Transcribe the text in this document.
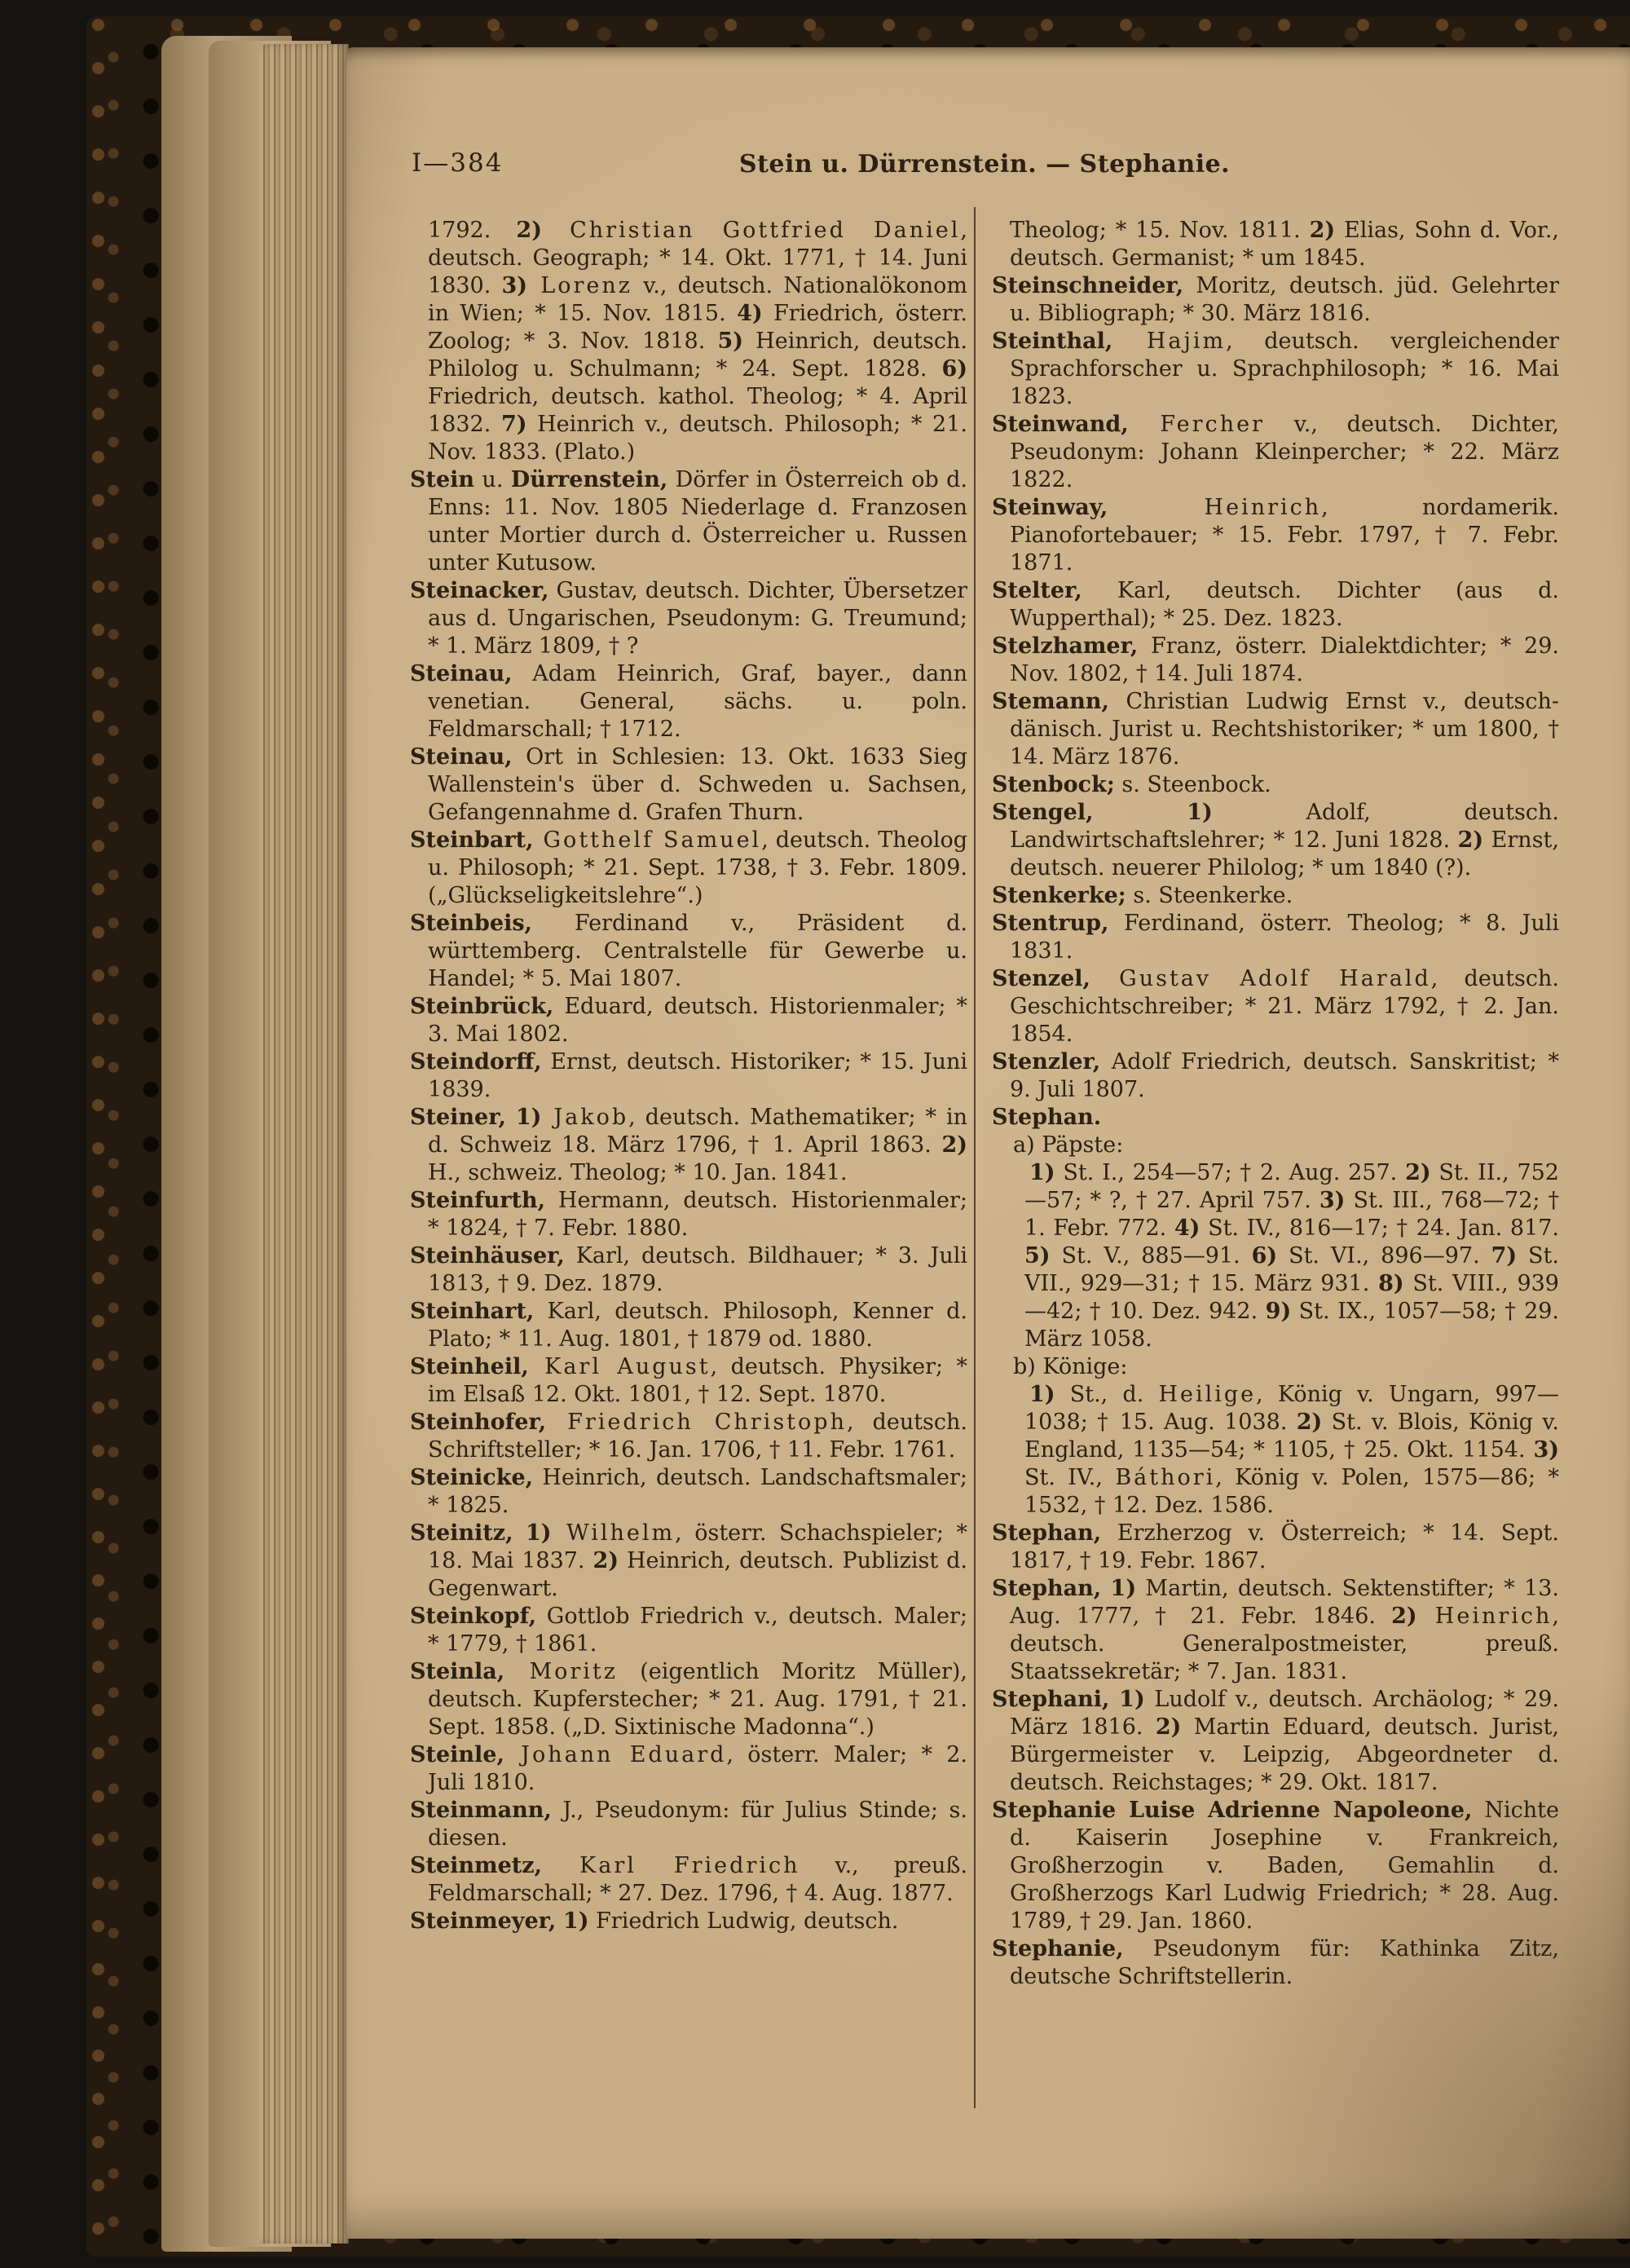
I—384	Stein u. Dürrenstein. — Stephanie.

1792. 2) Christian Gottfried Daniel, deutsch. Geograph; * 14. Okt. 1771, † 14. Juni 1830. 3) Lorenz v., deutsch. Nationalökonom in Wien; * 15. Nov. 1815. 4) Friedrich, österr. Zoolog; * 3. Nov. 1818. 5) Heinrich, deutsch. Philolog u. Schulmann; * 24. Sept. 1828. 6) Friedrich, deutsch. kathol. Theolog; * 4. April 1832. 7) Heinrich v., deutsch. Philosoph; * 21. Nov. 1833. (Plato.)

Stein u. Dürrenstein, Dörfer in Österreich ob d. Enns: 11. Nov. 1805 Niederlage d. Franzosen unter Mortier durch d. Österreicher u. Russen unter Kutusow.

Steinacker, Gustav, deutsch. Dichter, Übersetzer aus d. Ungarischen, Pseudonym: G. Treumund; * 1. März 1809, † ?

Steinau, Adam Heinrich, Graf, bayer., dann venetian. General, sächs. u. poln. Feldmarschall; † 1712.

Steinau, Ort in Schlesien: 13. Okt. 1633 Sieg Wallenstein's über d. Schweden u. Sachsen, Gefangennahme d. Grafen Thurn.

Steinbart, Gotthelf Samuel, deutsch. Theolog u. Philosoph; * 21. Sept. 1738, † 3. Febr. 1809. („Glückseligkeitslehre“.)

Steinbeis, Ferdinand v., Präsident d. württemberg. Centralstelle für Gewerbe u. Handel; * 5. Mai 1807.

Steinbrück, Eduard, deutsch. Historienmaler; * 3. Mai 1802.

Steindorff, Ernst, deutsch. Historiker; * 15. Juni 1839.

Steiner, 1) Jakob, deutsch. Mathematiker; * in d. Schweiz 18. März 1796, † 1. April 1863. 2) H., schweiz. Theolog; * 10. Jan. 1841.

Steinfurth, Hermann, deutsch. Historienmaler; * 1824, † 7. Febr. 1880.

Steinhäuser, Karl, deutsch. Bildhauer; * 3. Juli 1813, † 9. Dez. 1879.

Steinhart, Karl, deutsch. Philosoph, Kenner d. Plato; * 11. Aug. 1801, † 1879 od. 1880.

Steinheil, Karl August, deutsch. Physiker; * im Elsaß 12. Okt. 1801, † 12. Sept. 1870.

Steinhofer, Friedrich Christoph, deutsch. Schriftsteller; * 16. Jan. 1706, † 11. Febr. 1761.

Steinicke, Heinrich, deutsch. Landschaftsmaler; * 1825.

Steinitz, 1) Wilhelm, österr. Schachspieler; * 18. Mai 1837. 2) Heinrich, deutsch. Publizist d. Gegenwart.

Steinkopf, Gottlob Friedrich v., deutsch. Maler; * 1779, † 1861.

Steinla, Moritz (eigentlich Moritz Müller), deutsch. Kupferstecher; * 21. Aug. 1791, † 21. Sept. 1858. („D. Sixtinische Madonna“.)

Steinle, Johann Eduard, österr. Maler; * 2. Juli 1810.

Steinmann, J., Pseudonym: für Julius Stinde; s. diesen.

Steinmetz, Karl Friedrich v., preuß. Feldmarschall; * 27. Dez. 1796, † 4. Aug. 1877.

Steinmeyer, 1) Friedrich Ludwig, deutsch.

Theolog; * 15. Nov. 1811. 2) Elias, Sohn d. Vor., deutsch. Germanist; * um 1845.

Steinschneider, Moritz, deutsch. jüd. Gelehrter u. Bibliograph; * 30. März 1816.

Steinthal, Hajim, deutsch. vergleichender Sprachforscher u. Sprachphilosoph; * 16. Mai 1823.

Steinwand, Fercher v., deutsch. Dichter, Pseudonym: Johann Kleinpercher; * 22. März 1822.

Steinway, Heinrich, nordamerik. Pianofortebauer; * 15. Febr. 1797, † 7. Febr. 1871.

Stelter, Karl, deutsch. Dichter (aus d. Wupperthal); * 25. Dez. 1823.

Stelzhamer, Franz, österr. Dialektdichter; * 29. Nov. 1802, † 14. Juli 1874.

Stemann, Christian Ludwig Ernst v., deutsch-dänisch. Jurist u. Rechtshistoriker; * um 1800, † 14. März 1876.

Stenbock; s. Steenbock.

Stengel,	1) Adolf, deutsch. Landwirtschaftslehrer; * 12. Juni 1828. 2) Ernst, deutsch. neuerer Philolog; * um 1840 (?).

Stenkerke; s. Steenkerke.

Stentrup, Ferdinand, österr. Theolog; * 8. Juli 1831.

Stenzel, Gustav Adolf Harald, deutsch. Geschichtschreiber; * 21. März 1792, † 2. Jan. 1854.

Stenzler, Adolf Friedrich, deutsch. Sanskritist; * 9. Juli 1807.

Stephan.

a) Päpste:

1) St. I., 254—57; † 2. Aug. 257. 2) St. II., 752—57; * ?, † 27. April 757. 3) St. III., 768—72; † 1. Febr. 772. 4) St. IV., 816—17; † 24. Jan. 817. 5) St. V., 885—91. 6) St. VI., 896—97. 7) St. VII., 929—31; † 15. März 931. 8) St. VIII., 939—42; † 10. Dez. 942. 9) St. IX., 1057—58; † 29. März 1058.

b) Könige:

1) St., d. Heilige, König v. Ungarn, 997—1038; † 15. Aug. 1038. 2) St. v. Blois, König v. England, 1135—54; * 1105, † 25. Okt. 1154. 3) St. IV., Báthori, König v. Polen, 1575—86; * 1532, † 12. Dez. 1586.

Stephan, Erzherzog v. Österreich; * 14. Sept. 1817, † 19. Febr. 1867.

Stephan, 1) Martin, deutsch. Sektenstifter; * 13. Aug. 1777, † 21. Febr. 1846. 2) Heinrich, deutsch. Generalpostmeister, preuß. Staatssekretär; * 7. Jan. 1831.

Stephani, 1) Ludolf v., deutsch. Archäolog; * 29. März 1816. 2) Martin Eduard, deutsch. Jurist, Bürgermeister v. Leipzig, Abgeordneter d. deutsch. Reichstages; * 29. Okt. 1817.

Stephanie Luise Adrienne Napoleone, Nichte d. Kaiserin Josephine v. Frankreich, Großherzogin v. Baden, Gemahlin d. Großherzogs Karl Ludwig Friedrich; * 28. Aug. 1789, † 29. Jan. 1860.

Stephanie, Pseudonym für: Kathinka Zitz, deutsche Schriftstellerin.
